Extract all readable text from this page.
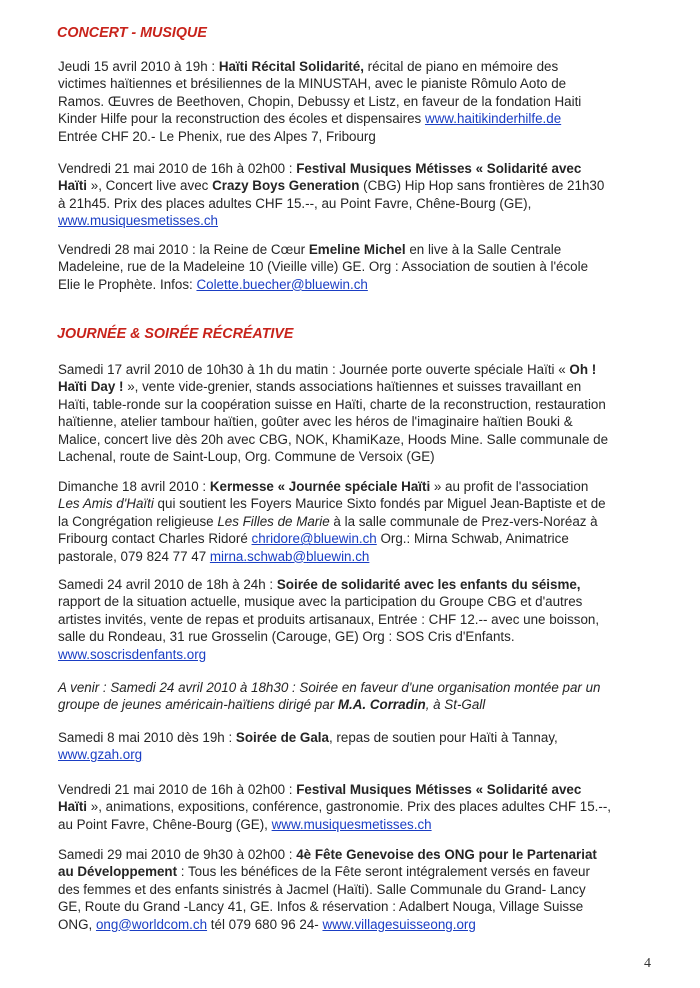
CONCERT - MUSIQUE

Jeudi 15 avril 2010 à 19h : Haïti Récital Solidarité, récital de piano en mémoire des
victimes haïtiennes et brésiliennes de la MINUSTAH, avec le pianiste Rômulo Aoto de
Ramos. Œuvres de Beethoven, Chopin, Debussy et Listz, en faveur de la fondation Haiti
Kinder Hilfe pour la reconstruction des écoles et dispensaires www.haitikinderhilfe.de
Entrée CHF 20.- Le Phenix, rue des Alpes 7, Fribourg

Vendredi 21 mai 2010 de 16h à 02h00 : Festival Musiques Métisses « Solidarité avec
Haïti », Concert live avec Crazy Boys Generation (CBG) Hip Hop sans frontières de 21h30
à 21h45. Prix des places adultes CHF 15.--, au Point Favre, Chêne-Bourg (GE),
www.musiquesmetisses.ch

Vendredi 28 mai 2010 : la Reine de Cœur Emeline Michel en live à la Salle Centrale
Madeleine, rue de la Madeleine 10 (Vieille ville) GE. Org : Association de soutien à l'école
Elie le Prophète. Infos: Colette.buecher@bluewin.ch

JOURNÉE & SOIRÉE RÉCRÉATIVE

Samedi 17 avril 2010 de 10h30 à 1h du matin : Journée porte ouverte spéciale Haïti « Oh !
Haïti Day ! », vente vide-grenier, stands associations haïtiennes et suisses travaillant en
Haïti, table-ronde sur la coopération suisse en Haïti, charte de la reconstruction, restauration
haïtienne, atelier tambour haïtien, goûter avec les héros de l'imaginaire haïtien Bouki &
Malice, concert live dès 20h avec CBG, NOK, KhamiKaze, Hoods Mine. Salle communale de
Lachenal, route de Saint-Loup, Org. Commune de Versoix (GE)

Dimanche 18 avril 2010 : Kermesse « Journée spéciale Haïti » au profit de l'association
Les Amis d'Haïti qui soutient les Foyers Maurice Sixto fondés par Miguel Jean-Baptiste et de
la Congrégation religieuse Les Filles de Marie à la salle communale de Prez-vers-Noréaz à
Fribourg contact Charles Ridoré chridore@bluewin.ch Org.: Mirna Schwab, Animatrice
pastorale, 079 824 77 47 mirna.schwab@bluewin.ch

Samedi 24 avril 2010 de 18h à 24h : Soirée de solidarité avec les enfants du séisme,
rapport de la situation actuelle, musique avec la participation du Groupe CBG et d'autres
artistes invités, vente de repas et produits artisanaux, Entrée : CHF 12.-- avec une boisson,
salle du Rondeau, 31 rue Grosselin (Carouge, GE) Org : SOS Cris d'Enfants.
www.soscrisdenfants.org

A venir : Samedi 24 avril 2010 à 18h30 : Soirée en faveur d'une organisation montée par un
groupe de jeunes américain-haïtiens dirigé par M.A. Corradin, à St-Gall

Samedi 8 mai 2010 dès 19h : Soirée de Gala, repas de soutien pour Haïti à Tannay,
www.gzah.org

Vendredi 21 mai 2010 de 16h à 02h00 : Festival Musiques Métisses « Solidarité avec
Haïti », animations, expositions, conférence, gastronomie. Prix des places adultes CHF 15.--,
au Point Favre, Chêne-Bourg (GE), www.musiquesmetisses.ch

Samedi 29 mai 2010 de 9h30 à 02h00 : 4è Fête Genevoise des ONG pour le Partenariat
au Développement : Tous les bénéfices de la Fête seront intégralement versés en faveur
des femmes et des enfants sinistrés à Jacmel (Haïti). Salle Communale du Grand- Lancy
GE, Route du Grand -Lancy 41, GE. Infos & réservation : Adalbert Nouga, Village Suisse
ONG, ong@worldcom.ch tél 079 680 96 24- www.villagesuisseong.org

4
